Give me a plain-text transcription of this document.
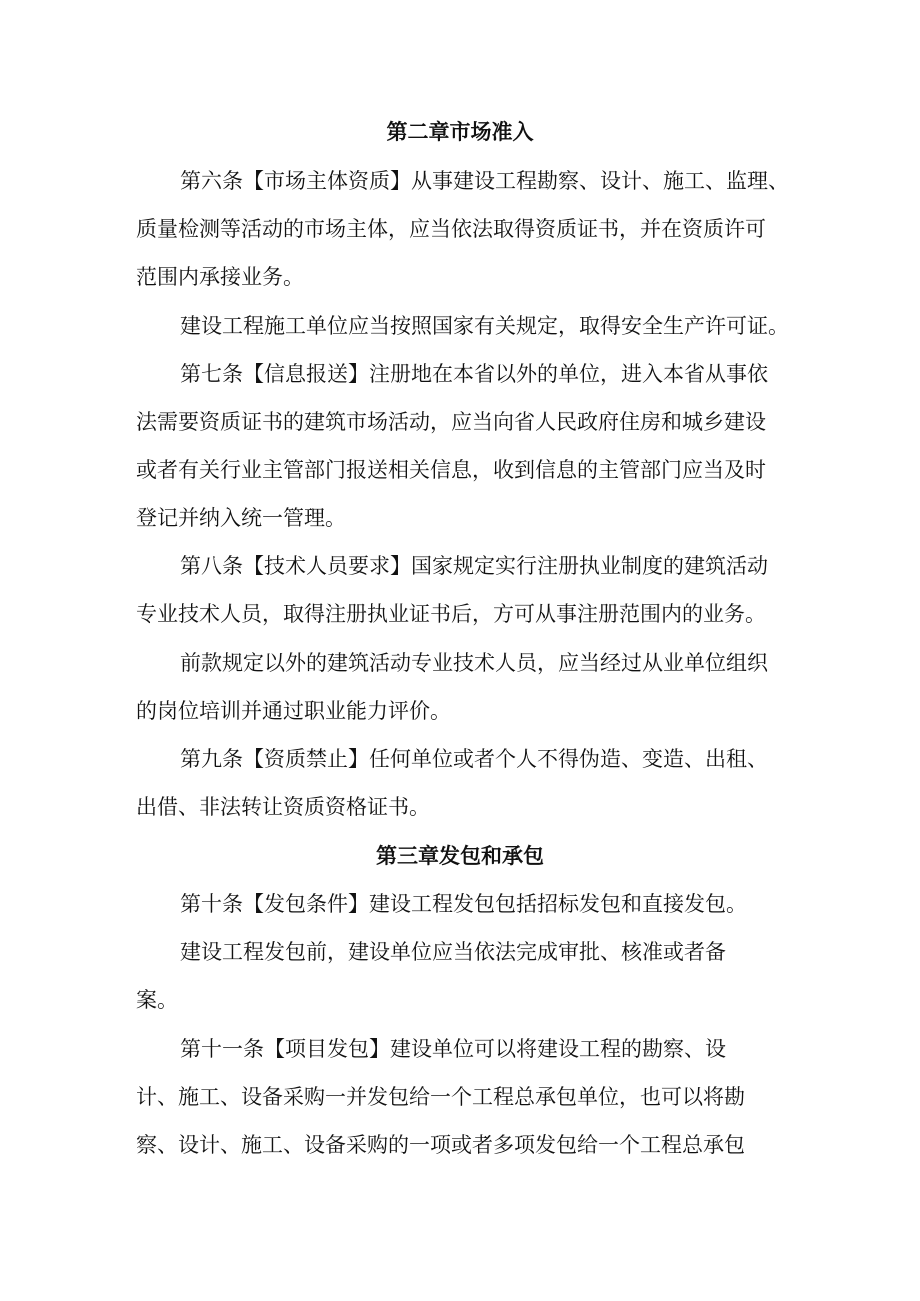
第二章市场准入
第六条【市场主体资质】从事建设工程勘察、设计、施工、监理、
质量检测等活动的市场主体，应当依法取得资质证书，并在资质许可
范围内承接业务。
建设工程施工单位应当按照国家有关规定，取得安全生产许可证。
第七条【信息报送】注册地在本省以外的单位，进入本省从事依
法需要资质证书的建筑市场活动，应当向省人民政府住房和城乡建设
或者有关行业主管部门报送相关信息，收到信息的主管部门应当及时
登记并纳入统一管理。
第八条【技术人员要求】国家规定实行注册执业制度的建筑活动
专业技术人员，取得注册执业证书后，方可从事注册范围内的业务。
前款规定以外的建筑活动专业技术人员，应当经过从业单位组织
的岗位培训并通过职业能力评价。
第九条【资质禁止】任何单位或者个人不得伪造、变造、出租、
出借、非法转让资质资格证书。
第三章发包和承包
第十条【发包条件】建设工程发包包括招标发包和直接发包。
建设工程发包前，建设单位应当依法完成审批、核准或者备
案。
第十一条【项目发包】建设单位可以将建设工程的勘察、设
计、施工、设备采购一并发包给一个工程总承包单位，也可以将勘
察、设计、施工、设备采购的一项或者多项发包给一个工程总承包
